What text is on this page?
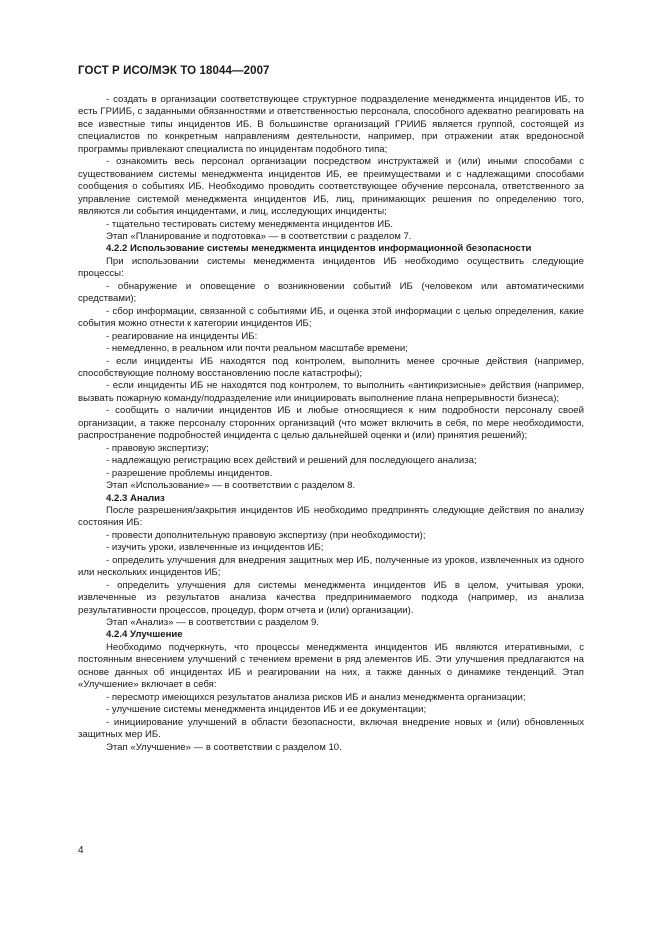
ГОСТ Р ИСО/МЭК ТО 18044—2007

- создать в организации соответствующее структурное подразделение менеджмента инцидентов ИБ, то есть ГРИИБ, с заданными обязанностями и ответственностью персонала, способного адекватно реагировать на все известные типы инцидентов ИБ. В большинстве организаций ГРИИБ является группой, состоящей из специалистов по конкретным направлениям деятельности, например, при отражении атак вредоносной программы привлекают специалиста по инцидентам подобного типа;

- ознакомить весь персонал организации посредством инструктажей и (или) иными способами с существованием системы менеджмента инцидентов ИБ, ее преимуществами и с надлежащими способами сообщения о событиях ИБ. Необходимо проводить соответствующее обучение персонала, ответственного за управление системой менеджмента инцидентов ИБ, лиц, принимающих решения по определению того, являются ли события инцидентами, и лиц, исследующих инциденты;

- тщательно тестировать систему менеджмента инцидентов ИБ.

Этап «Планирование и подготовка» — в соответствии с разделом 7.

4.2.2 Использование системы менеджмента инцидентов информационной безопасности

При использовании системы менеджмента инцидентов ИБ необходимо осуществить следующие процессы:

- обнаружение и оповещение о возникновении событий ИБ (человеком или автоматическими средствами);

- сбор информации, связанной с событиями ИБ, и оценка этой информации с целью определения, какие события можно отнести к категории инцидентов ИБ;

- реагирование на инциденты ИБ:

- немедленно, в реальном или почти реальном масштабе времени;

- если инциденты ИБ находятся под контролем, выполнить менее срочные действия (например, способствующие полному восстановлению после катастрофы);

- если инциденты ИБ не находятся под контролем, то выполнить «антикризисные» действия (например, вызвать пожарную команду/подразделение или инициировать выполнение плана непрерывности бизнеса);

- сообщить о наличии инцидентов ИБ и любые относящиеся к ним подробности персоналу своей организации, а также персоналу сторонних организаций (что может включить в себя, по мере необходимости, распространение подробностей инцидента с целью дальнейшей оценки и (или) принятия решений);

- правовую экспертизу;

- надлежащую регистрацию всех действий и решений для последующего анализа;

- разрешение проблемы инцидентов.

Этап «Использование» — в соответствии с разделом 8.

4.2.3 Анализ

После разрешения/закрытия инцидентов ИБ необходимо предпринять следующие действия по анализу состояния ИБ:

- провести дополнительную правовую экспертизу (при необходимости);

- изучить уроки, извлеченные из инцидентов ИБ;

- определить улучшения для внедрения защитных мер ИБ, полученные из уроков, извлеченных из одного или нескольких инцидентов ИБ;

- определить улучшения для системы менеджмента инцидентов ИБ в целом, учитывая уроки, извлеченные из результатов анализа качества предпринимаемого подхода (например, из анализа результативности процессов, процедур, форм отчета и (или) организации).

Этап «Анализ» — в соответствии с разделом 9.

4.2.4 Улучшение

Необходимо подчеркнуть, что процессы менеджмента инцидентов ИБ являются итеративными, с постоянным внесением улучшений с течением времени в ряд элементов ИБ. Эти улучшения предлагаются на основе данных об инцидентах ИБ и реагировании на них, а также данных о динамике тенденций. Этап «Улучшение» включает в себя:

- пересмотр имеющихся результатов анализа рисков ИБ и анализ менеджмента организации;

- улучшение системы менеджмента инцидентов ИБ и ее документации;

- инициирование улучшений в области безопасности, включая внедрение новых и (или) обновленных защитных мер ИБ.

Этап «Улучшение» — в соответствии с разделом 10.

4
